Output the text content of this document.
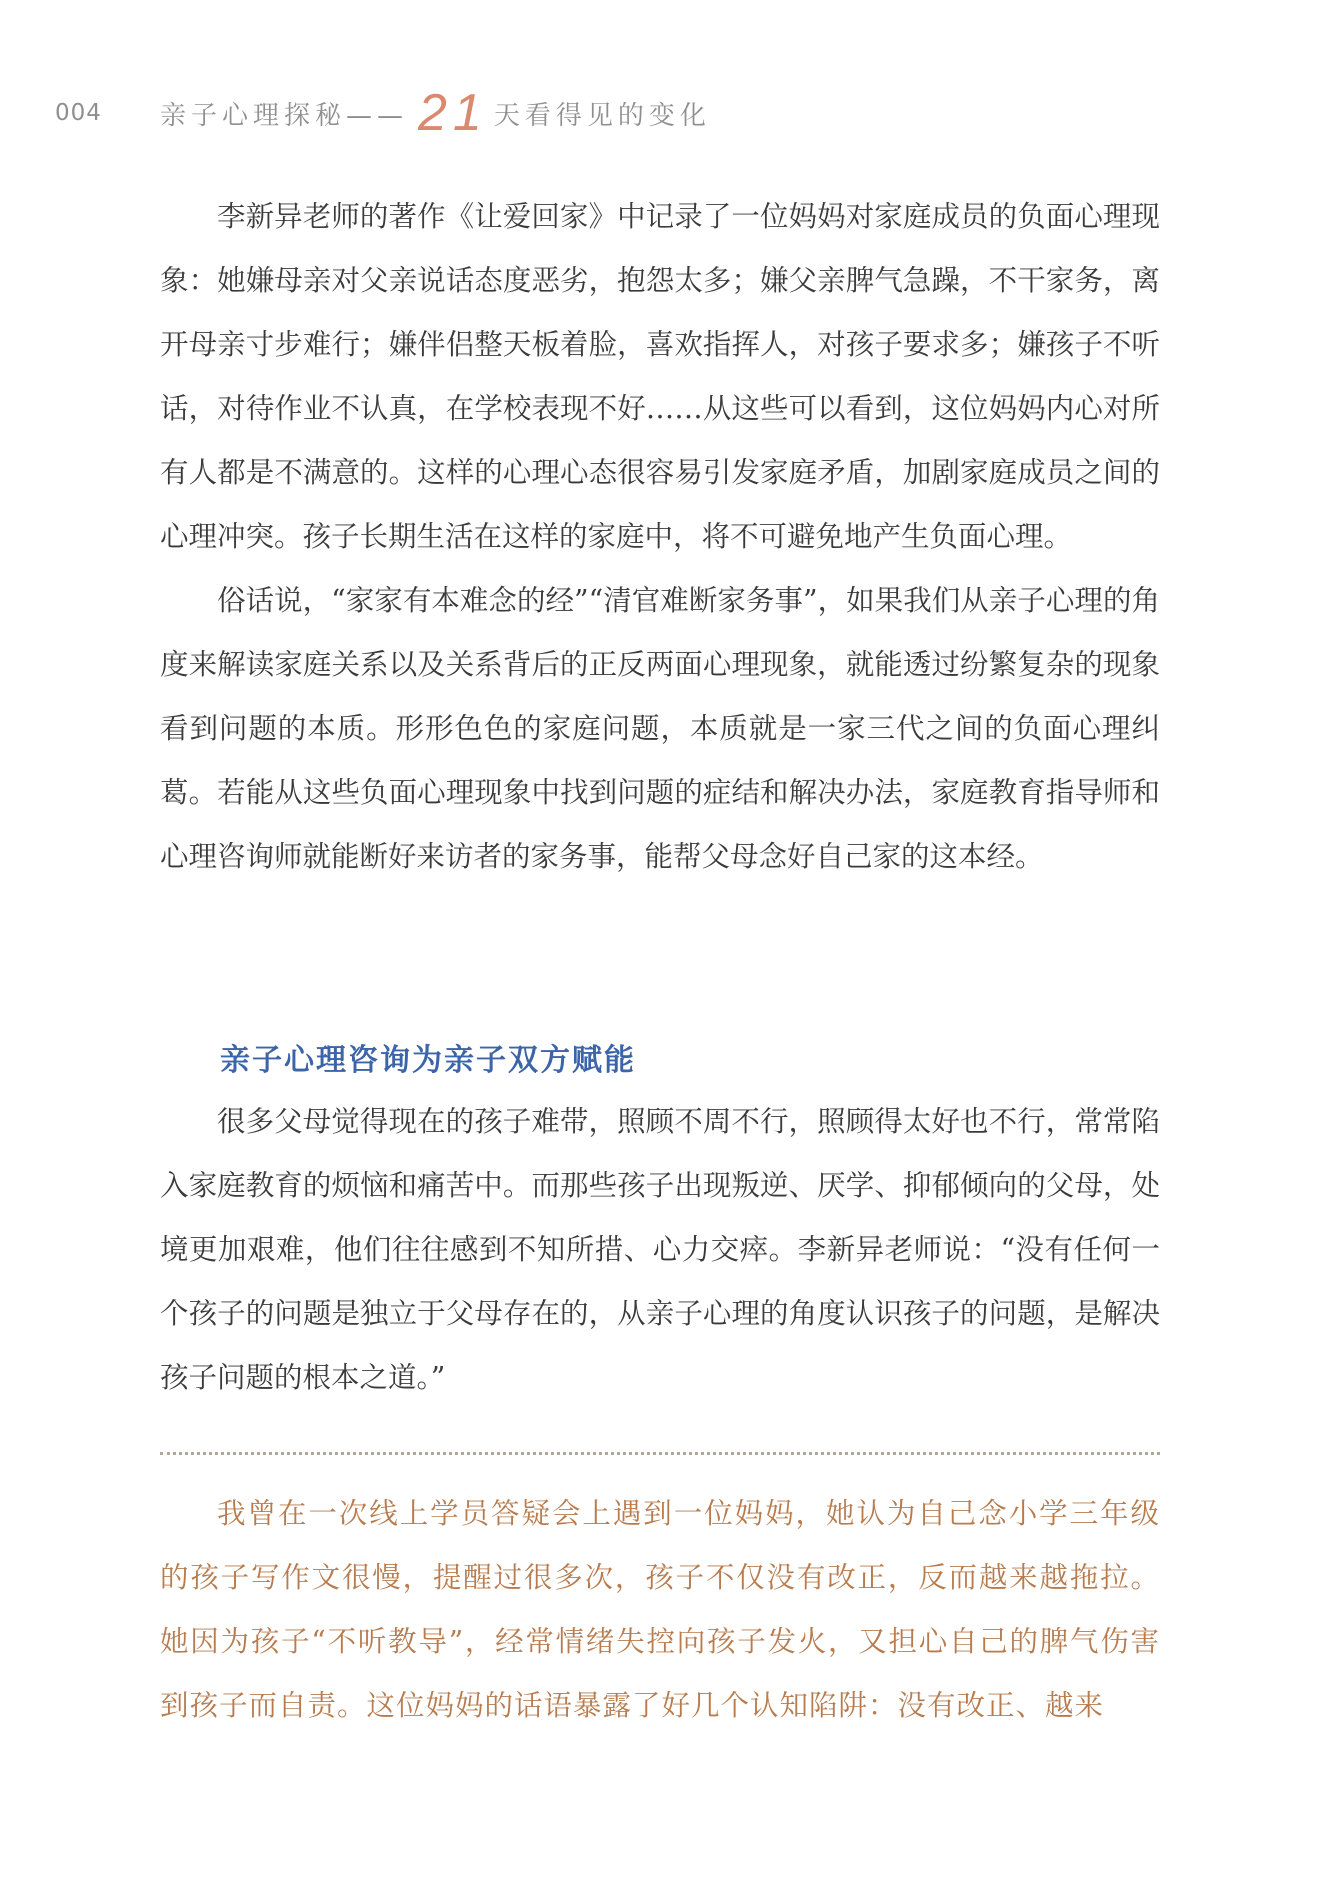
004	亲子心理探秘—— 21 天看得见的变化

李新异老师的著作《让爱回家》中记录了一位妈妈对家庭成员的负面心理现象：她嫌母亲对父亲说话态度恶劣，抱怨太多；嫌父亲脾气急躁，不干家务，离开母亲寸步难行；嫌伴侣整天板着脸，喜欢指挥人，对孩子要求多；嫌孩子不听话，对待作业不认真，在学校表现不好……从这些可以看到，这位妈妈内心对所有人都是不满意的。这样的心理心态很容易引发家庭矛盾，加剧家庭成员之间的心理冲突。孩子长期生活在这样的家庭中，将不可避免地产生负面心理。

俗话说，“家家有本难念的经”“清官难断家务事”，如果我们从亲子心理的角度来解读家庭关系以及关系背后的正反两面心理现象，就能透过纷繁复杂的现象看到问题的本质。形形色色的家庭问题，本质就是一家三代之间的负面心理纠葛。若能从这些负面心理现象中找到问题的症结和解决办法，家庭教育指导师和心理咨询师就能断好来访者的家务事，能帮父母念好自己家的这本经。

亲子心理咨询为亲子双方赋能

很多父母觉得现在的孩子难带，照顾不周不行，照顾得太好也不行，常常陷入家庭教育的烦恼和痛苦中。而那些孩子出现叛逆、厌学、抑郁倾向的父母，处境更加艰难，他们往往感到不知所措、心力交瘁。李新异老师说：“没有任何一个孩子的问题是独立于父母存在的，从亲子心理的角度认识孩子的问题，是解决孩子问题的根本之道。”

我曾在一次线上学员答疑会上遇到一位妈妈，她认为自己念小学三年级的孩子写作文很慢，提醒过很多次，孩子不仅没有改正，反而越来越拖拉。她因为孩子“不听教导”，经常情绪失控向孩子发火，又担心自己的脾气伤害到孩子而自责。这位妈妈的话语暴露了好几个认知陷阱：没有改正、越来
